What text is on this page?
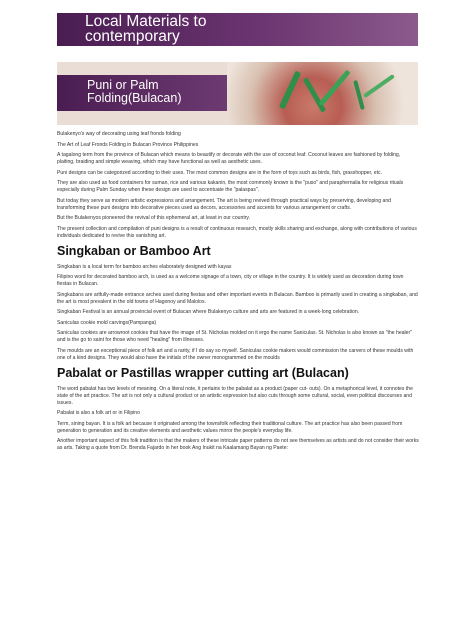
Local Materials to
contemporary
Puni or Palm
Folding(Bulacan)

Bulakenyo's way of decorating using leaf fronds folding

The Art of Leaf Fronds Folding in Bulacan Province Philippines

A tagalong term from the province of Bulacan which means to beautify or decorate with the use of coconut leaf. Coconut leaves are fashioned by folding, plaiting, braiding and simple weaving, which may have functional as well as aesthetic uses.

Puni designs can be categorized according to their uses. The most common designs are in the form of toys such as birds, fish, grasshopper, etc.

They are also used as food containers for suman, rice and various kakanin, the most commonly known is the "puso" and paraphernalia for religious rituals especially during Palm Sunday when these design are used to accentuate the "palaspas".

But today they serve as modern artistic expressions and arrangement. The art is being revived through practical ways by preserving, developing and transforming these puni designs into decorative pieces used as decors, accessories and accents for various arrangement or crafts.

But the Bulakenyos pioneered the revival of this ephemeral art, at least in our country.

The present collection and compilation of puni designs is a result of continuous research, mostly skills sharing and exchange, along with contributions of various individuals dedicated to revive this vanishing art.

Singkaban or Bamboo Art

Singkaban is a local term for bamboo arches elaborately designed with kayas

Filipino word for decorated bamboo arch, is used as a welcome signage of a town, city or village in the country. It is widely used as decoration during town fiestas in Bulacan.

Singkabans are artfully-made entrance arches used during fiestas and other important events in Bulacan. Bamboo is primarily used in creating a singkaban, and the art is most prevalent in the old towns of Hagonoy and Malolos.

Singkaban Festival is an annual provincial event of Bulacan where Bulakenyo culture and arts are featured in a week-long celebration.

Saniculas cookie mold carvings(Pampanga)

Saniculas cookies are arrowroot cookies that have the image of St. Nicholas molded on it ergo the name Saniculas. St. Nicholas is also known as "the healer" and is the go to saint for those who need "healing" from illnesses.

The moulds are an exceptional piece of folk art and a rarity, if I do say so myself. Saniculas cookie makers would commission the carvers of these moulds with one of a kind designs. They would also have the initials of the owner monogrammed on the moulds

Pabalat or Pastillas wrapper cutting art (Bulacan)

The word pabalat has two levels of meaning. On a literal note, it pertains to the pabalat as a product (paper cut- outs). On a metaphorical level, it connotes the state of the art practice. The art is not only a cultural product or an artistic expression but also cuts through some cultural, social, even political discourses and issues.

Pabalat is also a folk art or in Filipino

Term, sining bayan. It is a folk art because it originated among the townsfolk reflecting their traditional culture. The art practice has also been passed from generation to generation and its creative elements and aesthetic values mirror the people's everyday life.

Another important aspect of this folk tradition is that the makers of these intricate paper patterns do not see themselves as artists and do not consider their works as arts. Taking a quote from Dr. Brenda Fajardo in her book Ang Inukit na Kaalamang Bayan ng Paete:
